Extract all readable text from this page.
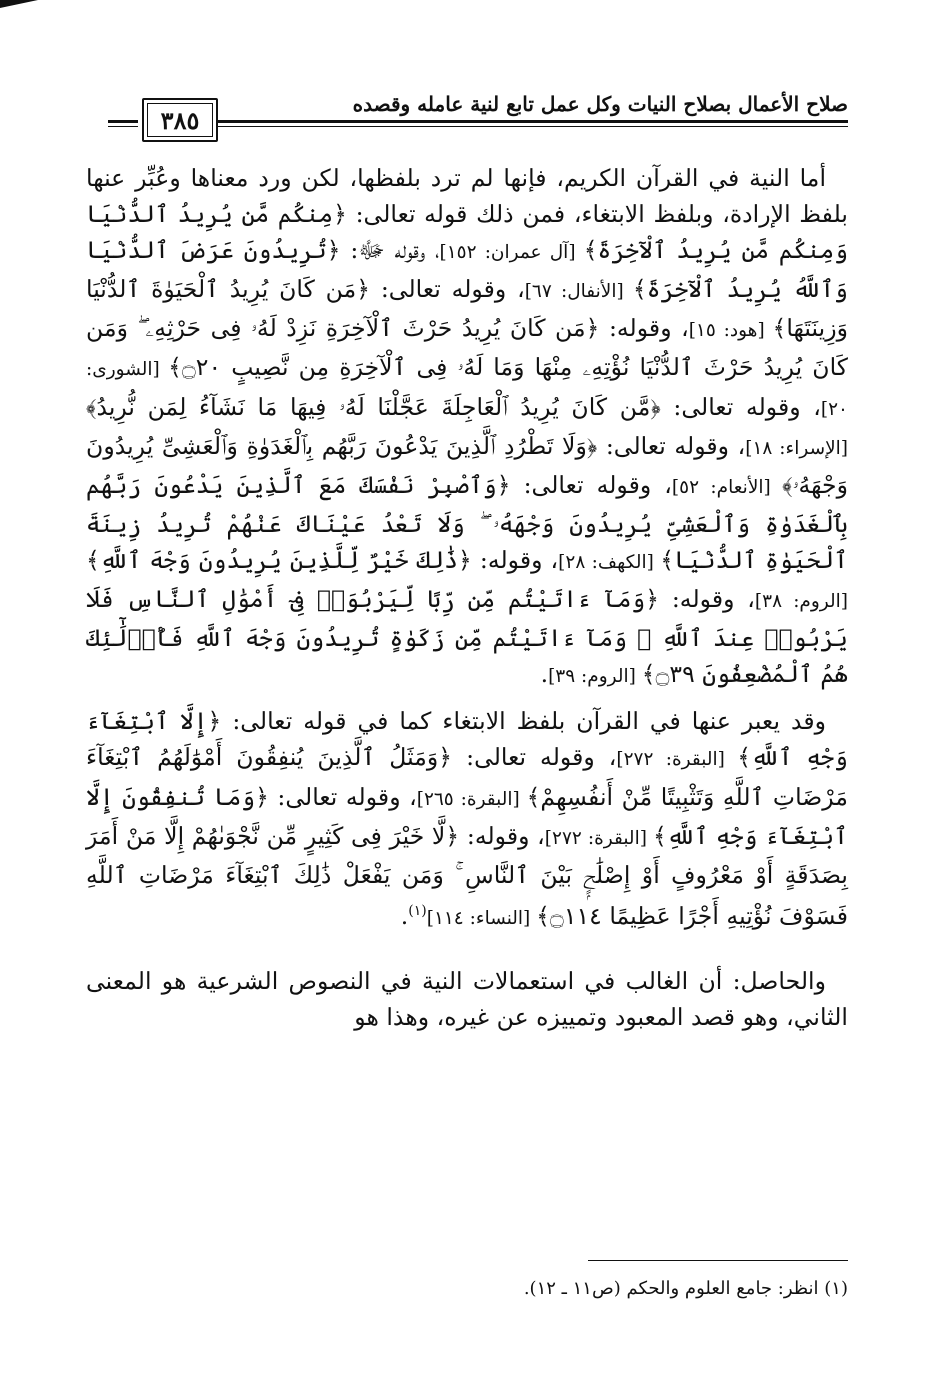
صلاح الأعمال بصلاح النيات وكل عمل تابع لنية عامله وقصده
٣٨٥

أما النية في القرآن الكريم، فإنها لم ترد بلفظها، لكن ورد معناها وعُبِّر عنها بلفظ الإرادة، وبلفظ الابتغاء، فمن ذلك قوله تعالى: ﴿مِنكُم مَّن يُرِيدُ ٱلدُّنْيَا وَمِنكُم مَّن يُرِيدُ ٱلْآخِرَةَ﴾ [آل عمران: ١٥٢]، وقوله ﷻ: ﴿تُرِيدُونَ عَرَضَ ٱلدُّنْيَا وَٱللَّهُ يُرِيدُ ٱلْآخِرَةَ﴾ [الأنفال: ٦٧]، وقوله تعالى: ﴿مَن كَانَ يُرِيدُ ٱلْحَيَوٰةَ ٱلدُّنْيَا وَزِينَتَهَا﴾ [هود: ١٥]، وقوله: ﴿مَن كَانَ يُرِيدُ حَرْثَ ٱلْآخِرَةِ نَزِدْ لَهُۥ فِى حَرْثِهِۦ ۖ وَمَن كَانَ يُرِيدُ حَرْثَ ٱلدُّنْيَا نُؤْتِهِۦ مِنْهَا وَمَا لَهُۥ فِى ٱلْآخِرَةِ مِن نَّصِيبٍ ۝٢٠﴾ [الشورى: ٢٠]، وقوله تعالى: ﴿مَّن كَانَ يُرِيدُ ٱلْعَاجِلَةَ عَجَّلْنَا لَهُۥ فِيهَا مَا نَشَآءُ لِمَن نُّرِيدُ﴾ [الإسراء: ١٨]، وقوله تعالى: ﴿وَلَا تَطْرُدِ ٱلَّذِينَ يَدْعُونَ رَبَّهُم بِٱلْغَدَوٰةِ وَٱلْعَشِىِّ يُرِيدُونَ وَجْهَهُۥ﴾ [الأنعام: ٥٢]، وقوله تعالى: ﴿وَٱصْبِرْ نَفْسَكَ مَعَ ٱلَّذِينَ يَدْعُونَ رَبَّهُم بِٱلْغَدَوٰةِ وَٱلْعَشِىِّ يُرِيدُونَ وَجْهَهُۥ ۖ وَلَا تَعْدُ عَيْنَاكَ عَنْهُمْ تُرِيدُ زِينَةَ ٱلْحَيَوٰةِ ٱلدُّنْيَا﴾ [الكهف: ٢٨]، وقوله: ﴿ذَٰلِكَ خَيْرٌ لِّلَّذِينَ يُرِيدُونَ وَجْهَ ٱللَّهِ﴾ [الروم: ٣٨]، وقوله: ﴿وَمَآ ءَاتَيْتُم مِّن رِّبًا لِّيَرْبُوَا۟ فِىٓ أَمْوَٰلِ ٱلنَّاسِ فَلَا يَرْبُوا۟ عِندَ ٱللَّهِ ۖ وَمَآ ءَاتَيْتُم مِّن زَكَوٰةٍ تُرِيدُونَ وَجْهَ ٱللَّهِ فَأُو۟لَٰٓئِكَ هُمُ ٱلْمُضْعِفُونَ ۝٣٩﴾ [الروم: ٣٩].

وقد يعبر عنها في القرآن بلفظ الابتغاء كما في قوله تعالى: ﴿إِلَّا ٱبْتِغَآءَ وَجْهِ ٱللَّهِ﴾ [البقرة: ٢٧٢]، وقوله تعالى: ﴿وَمَثَلُ ٱلَّذِينَ يُنفِقُونَ أَمْوَٰلَهُمُ ٱبْتِغَآءَ مَرْضَاتِ ٱللَّهِ وَتَثْبِيتًا مِّنْ أَنفُسِهِمْ﴾ [البقرة: ٢٦٥]، وقوله تعالى: ﴿وَمَا تُنفِقُونَ إِلَّا ٱبْتِغَآءَ وَجْهِ ٱللَّهِ﴾ [البقرة: ٢٧٢]، وقوله: ﴿لَّا خَيْرَ فِى كَثِيرٍ مِّن نَّجْوَىٰهُمْ إِلَّا مَنْ أَمَرَ بِصَدَقَةٍ أَوْ مَعْرُوفٍ أَوْ إِصْلَٰحٍۭ بَيْنَ ٱلنَّاسِ ۚ وَمَن يَفْعَلْ ذَٰلِكَ ٱبْتِغَآءَ مَرْضَاتِ ٱللَّهِ فَسَوْفَ نُؤْتِيهِ أَجْرًا عَظِيمًا ۝١١٤﴾ [النساء: ١١٤]$^{(١)}$.

والحاصل: أن الغالب في استعمالات النية في النصوص الشرعية هو المعنى الثاني، وهو قصد المعبود وتمييزه عن غيره، وهذا هو

(١) انظر: جامع العلوم والحكم (ص١١ ـ ١٢).
